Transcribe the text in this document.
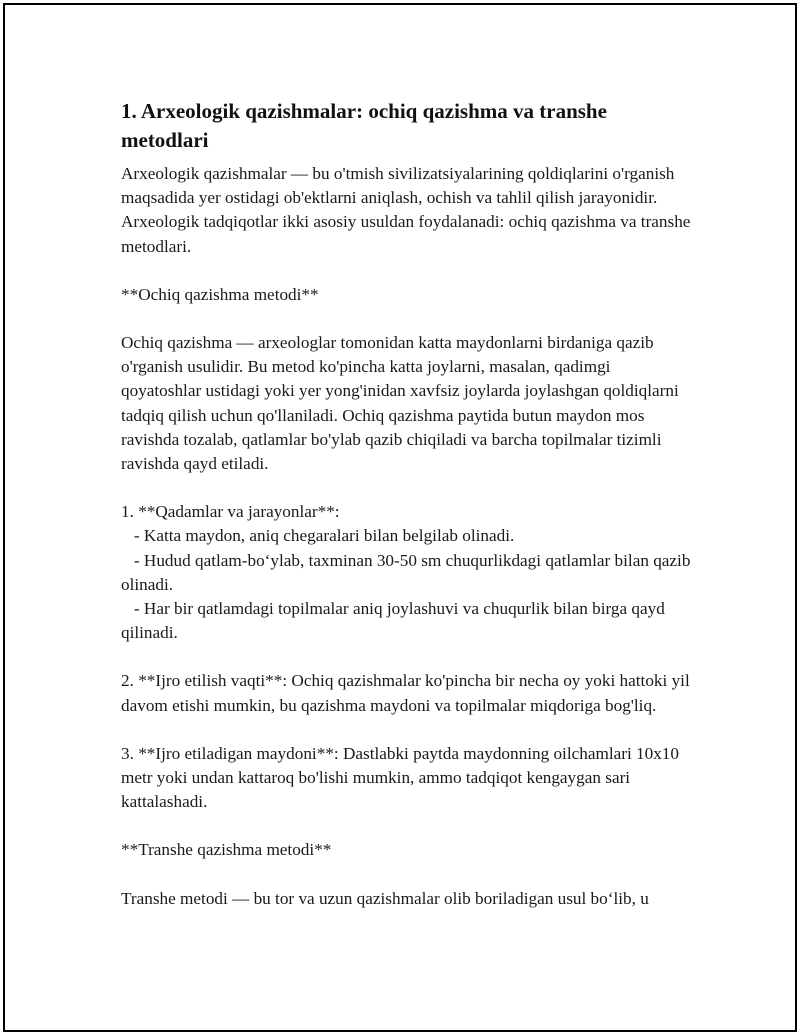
1. Arxeologik qazishmalar: ochiq qazishma va transhe metodlari

Arxeologik qazishmalar — bu o'tmish sivilizatsiyalarining qoldiqlarini o'rganish maqsadida yer ostidagi ob'ektlarni aniqlash, ochish va tahlil qilish jarayonidir. Arxeologik tadqiqotlar ikki asosiy usuldan foydalanadi: ochiq qazishma va transhe metodlari.

**Ochiq qazishma metodi**

Ochiq qazishma — arxeologlar tomonidan katta maydonlarni birdaniga qazib o'rganish usulidir. Bu metod ko'pincha katta joylarni, masalan, qadimgi qoyatoshlar ustidagi yoki yer yong'inidan xavfsiz joylarda joylashgan qoldiqlarni tadqiq qilish uchun qo'llaniladi. Ochiq qazishma paytida butun maydon mos ravishda tozalab, qatlamlar bo'ylab qazib chiqiladi va barcha topilmalar tizimli ravishda qayd etiladi.

1. **Qadamlar va jarayonlar**:
- Katta maydon, aniq chegaralari bilan belgilab olinadi.
- Hudud qatlam-bo‘ylab, taxminan 30-50 sm chuqurlikdagi qatlamlar bilan qazib olinadi.
- Har bir qatlamdagi topilmalar aniq joylashuvi va chuqurlik bilan birga qayd qilinadi.

2. **Ijro etilish vaqti**: Ochiq qazishmalar ko'pincha bir necha oy yoki hattoki yil davom etishi mumkin, bu qazishma maydoni va topilmalar miqdoriga bog'liq.

3. **Ijro etiladigan maydoni**: Dastlabki paytda maydonning oilchamlari 10x10 metr yoki undan kattaroq bo'lishi mumkin, ammo tadqiqot kengaygan sari kattalashadi.

**Transhe qazishma metodi**

Transhe metodi — bu tor va uzun qazishmalar olib boriladigan usul bo‘lib, u
